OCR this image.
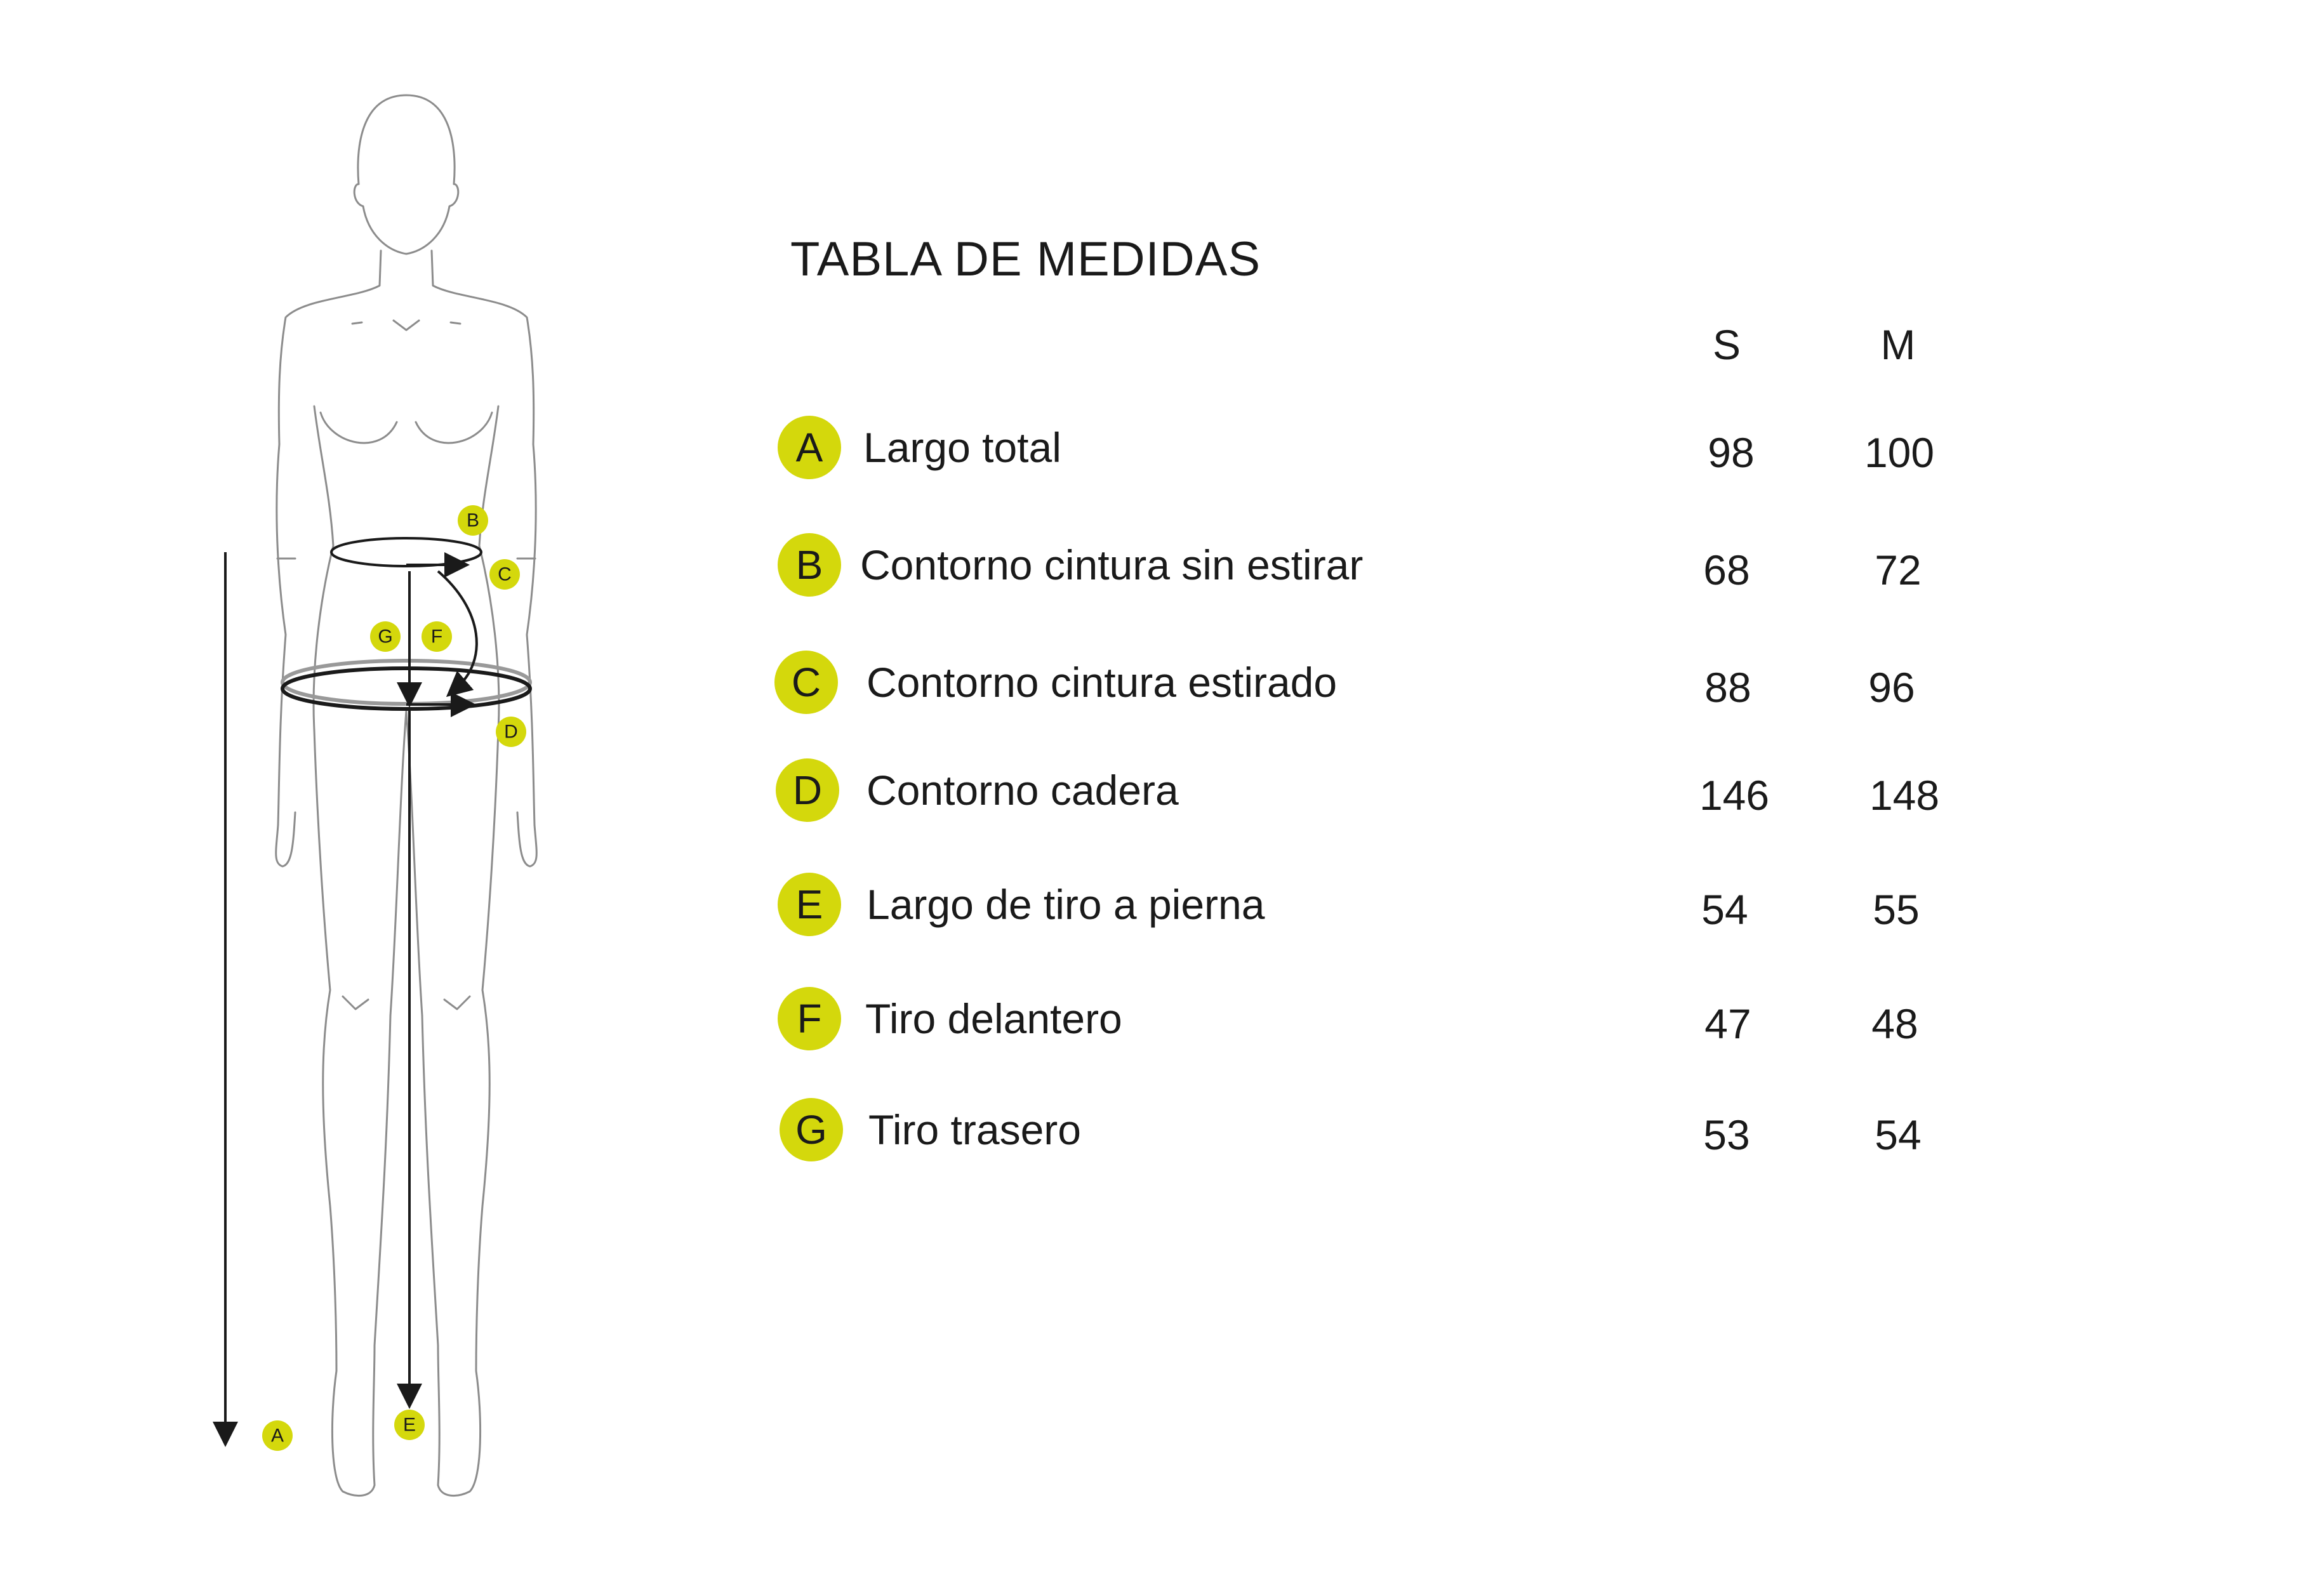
B
C
G F
D
E
A
TABLA DE MEDIDAS
S	M
A Largo total	98	100
B Contorno cintura sin estirar	68	72
C	Contorno cintura estirado	88	96
D	Contorno cadera	146	148
E	Largo de tiro a pierna	54	55
F	Tiro delantero	47	48
G Tiro trasero	53	54
